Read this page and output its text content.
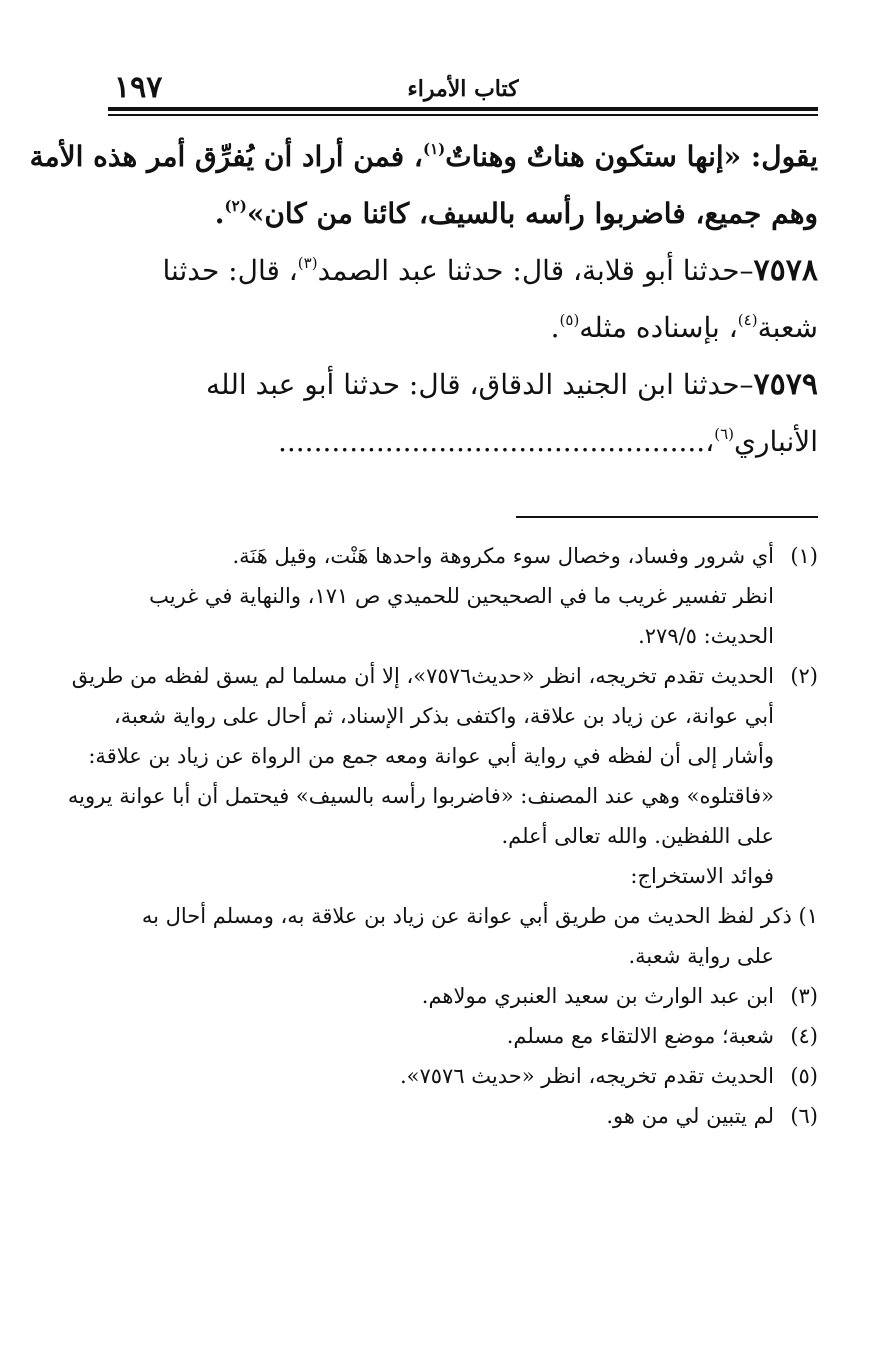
١٩٧	كتاب الأمراء
يقول: «إنها ستكون هناتٌ وهناتٌ$^{(١)}$، فمن أراد أن يُفرِّق أمر هذه الأمة
وهم جميع، فاضربوا رأسه بالسيف، كائنا من كان»$^{(٢)}$.
٧٥٧٨–حدثنا أبو قلابة، قال: حدثنا عبد الصمد$^{(٣)}$، قال: حدثنا
شعبة$^{(٤)}$، بإسناده مثله$^{(٥)}$.
٧٥٧٩–حدثنا ابن الجنيد الدقاق، قال: حدثنا أبو عبد الله
الأنباري$^{(٦)}$،................................................
(١)أي شرور وفساد، وخصال سوء مكروهة واحدها هَنْت، وقيل هَنَة.
انظر تفسير غريب ما في الصحيحين للحميدي ص ١٧١، والنهاية في غريب
الحديث: ٢٧٩/٥.
(٢)الحديث تقدم تخريجه، انظر «حديث٧٥٧٦»، إلا أن مسلما لم يسق لفظه من طريق
أبي عوانة، عن زياد بن علاقة، واكتفى بذكر الإسناد، ثم أحال على رواية شعبة،
وأشار إلى أن لفظه في رواية أبي عوانة ومعه جمع من الرواة عن زياد بن علاقة:
«فاقتلوه» وهي عند المصنف: «فاضربوا رأسه بالسيف» فيحتمل أن أبا عوانة يرويه
على اللفظين. والله تعالى أعلم.
فوائد الاستخراج:
١) ذكر لفظ الحديث من طريق أبي عوانة عن زياد بن علاقة به، ومسلم أحال به
على رواية شعبة.
(٣)ابن عبد الوارث بن سعيد العنبري مولاهم.
(٤)شعبة؛ موضع الالتقاء مع مسلم.
(٥)الحديث تقدم تخريجه، انظر «حديث ٧٥٧٦».
(٦)لم يتبين لي من هو.
